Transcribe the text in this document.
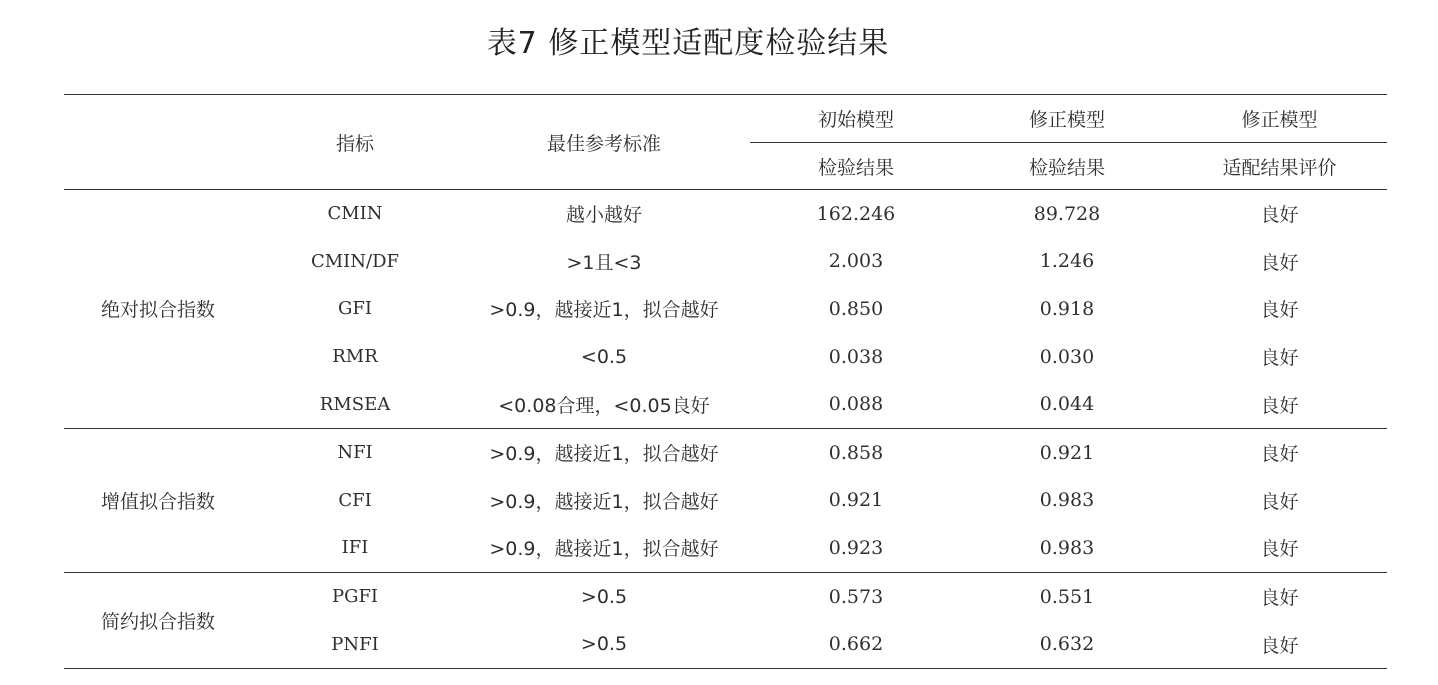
表7 修正模型适配度检验结果
	指标	最佳参考标准	初始模型	修正模型	修正模型
			检验结果	检验结果	适配结果评价
绝对拟合指数	CMIN	越小越好	162.246	89.728	良好
	CMIN/DF	>1且<3	2.003	1.246	良好
	GFI	>0.9，越接近1，拟合越好	0.850	0.918	良好
	RMR	<0.5	0.038	0.030	良好
	RMSEA	<0.08合理，<0.05良好	0.088	0.044	良好
增值拟合指数	NFI	>0.9，越接近1，拟合越好	0.858	0.921	良好
	CFI	>0.9，越接近1，拟合越好	0.921	0.983	良好
	IFI	>0.9，越接近1，拟合越好	0.923	0.983	良好
简约拟合指数	PGFI	>0.5	0.573	0.551	良好
	PNFI	>0.5	0.662	0.632	良好
